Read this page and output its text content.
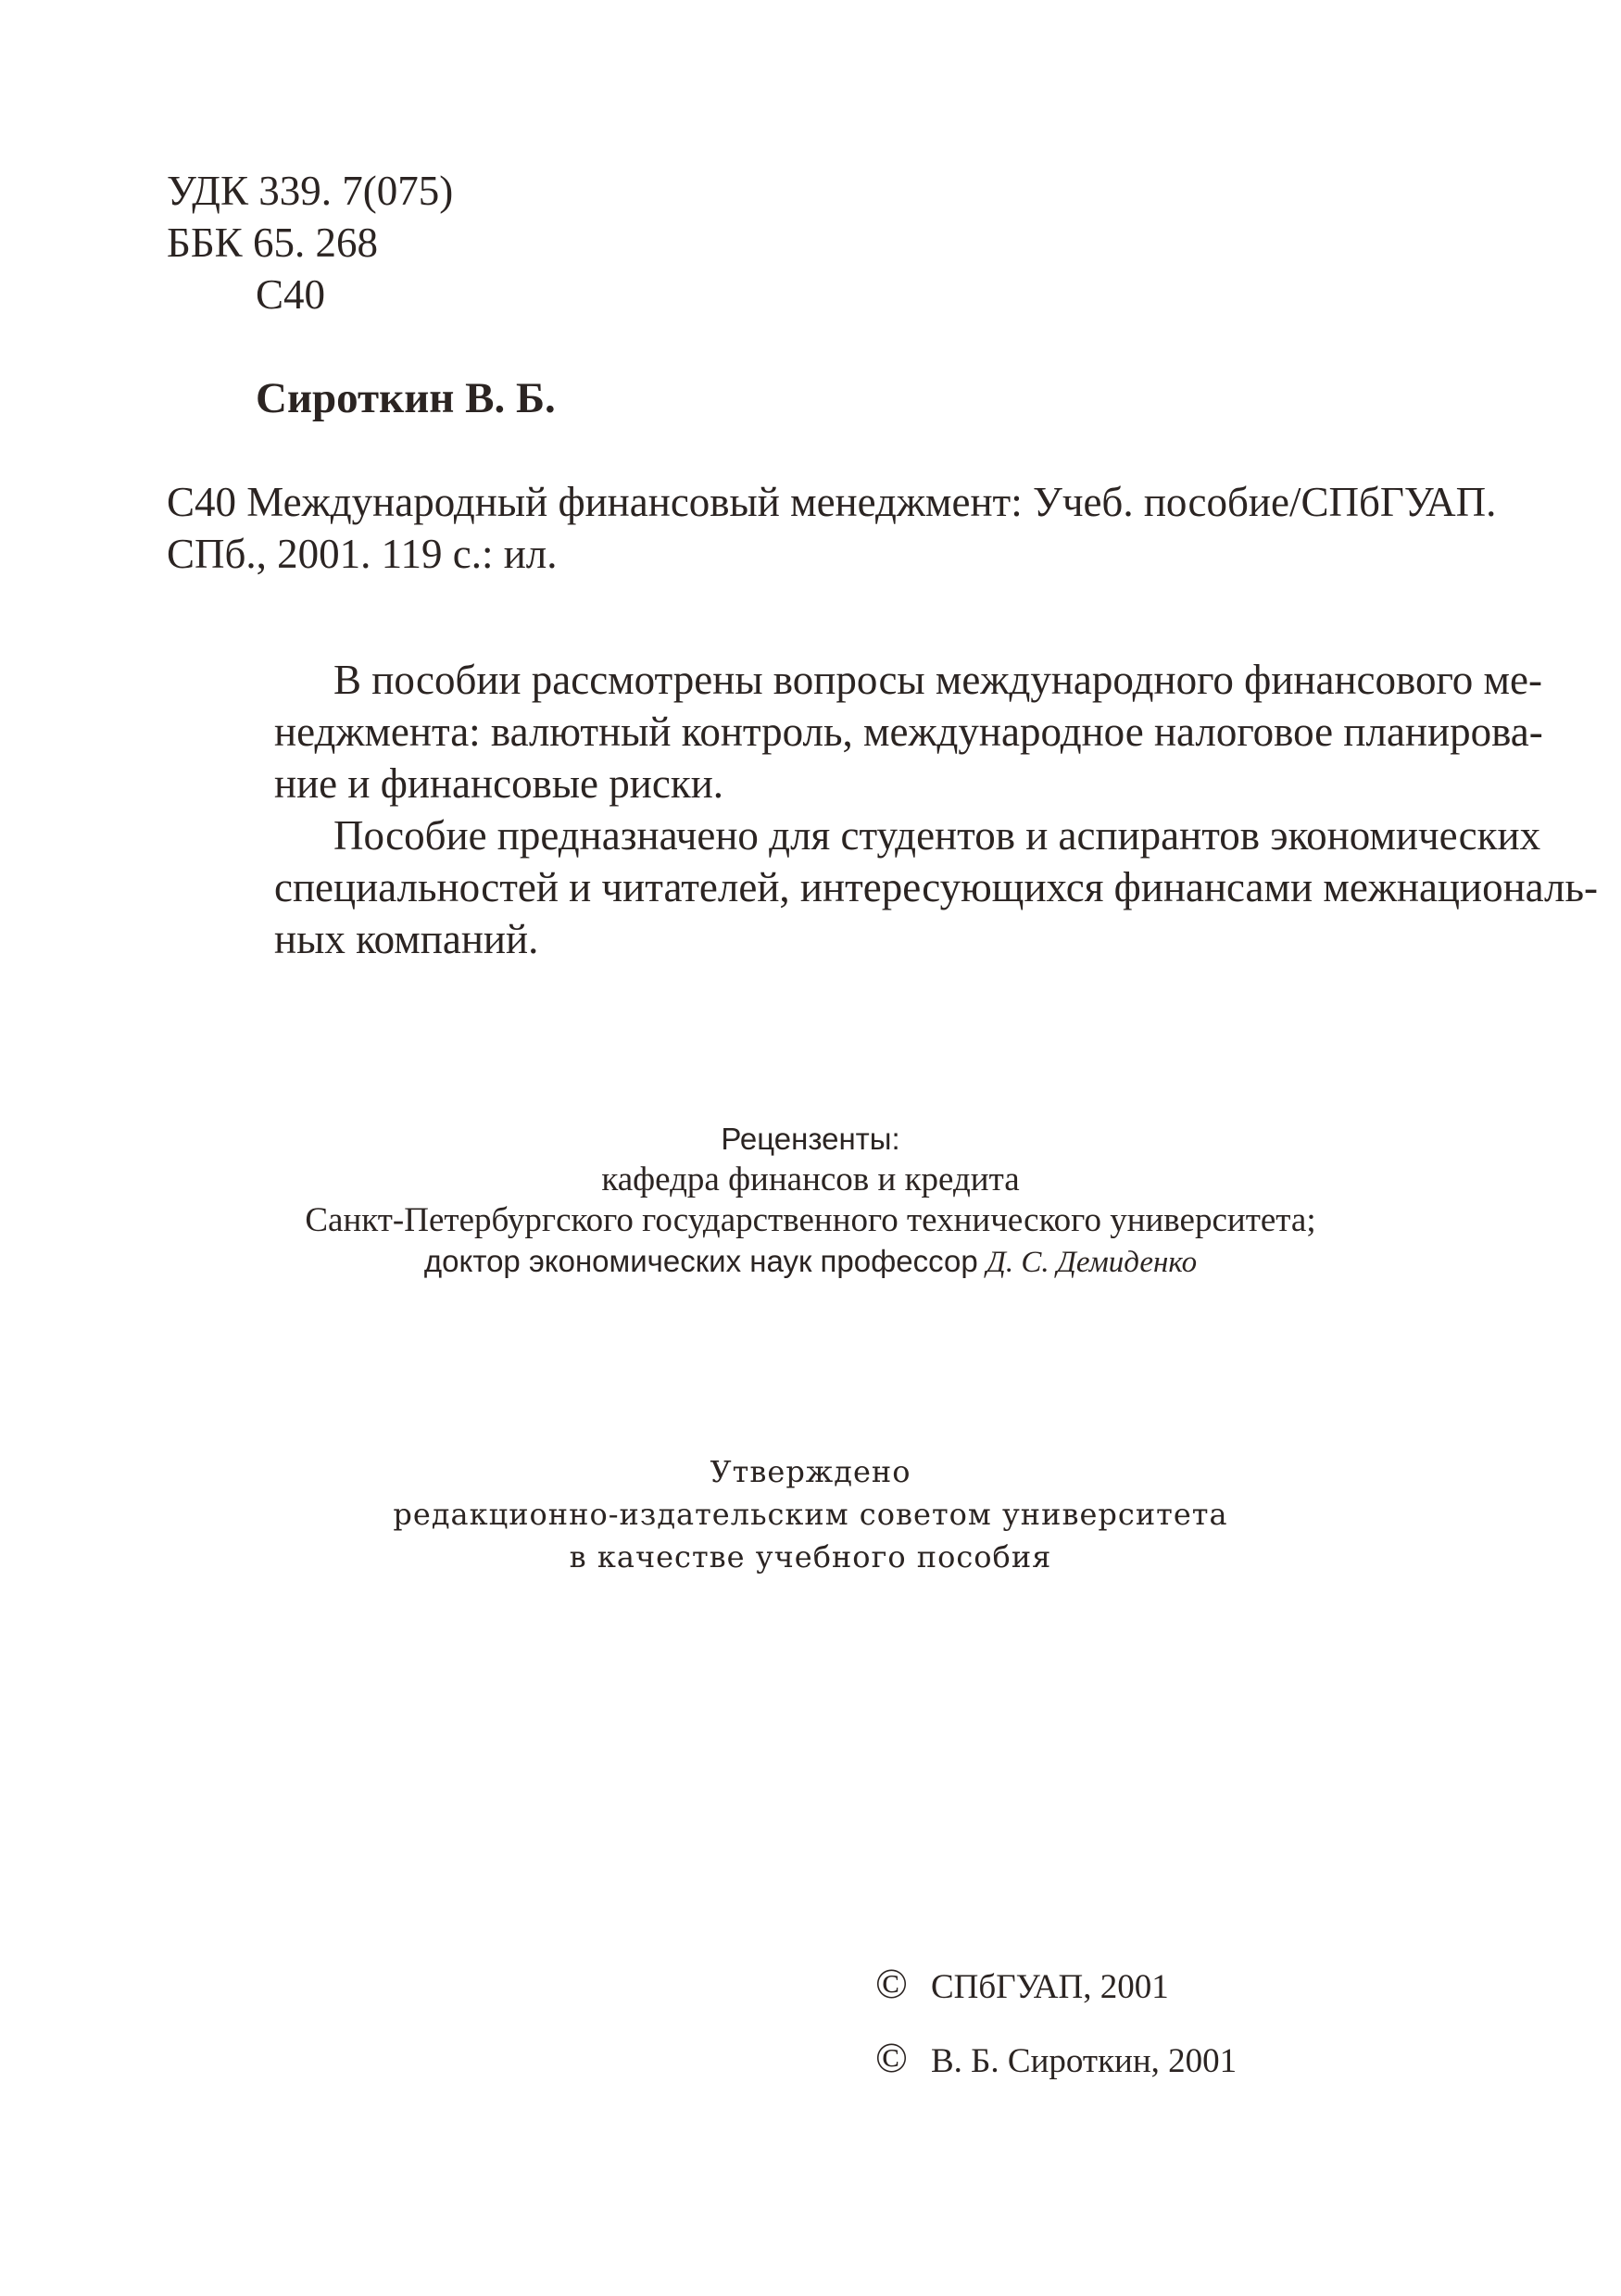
УДК 339. 7(075)
ББК 65. 268
С40
Сироткин В. Б.
С40 Международный финансовый менеджмент: Учеб. пособие/СПбГУАП.
СПб., 2001. 119 с.: ил.

В пособии рассмотрены вопросы международного финансового ме-

неджмента: валютный контроль, международное налоговое планирова-

ние и финансовые риски.

Пособие предназначено для студентов и аспирантов экономических

специальностей и читателей, интересующихся финансами межнациональ-

ных компаний.

Рецензенты:
кафедра финансов и кредита
Санкт-Петербургского государственного технического университета;
доктор экономических наук профессор Д. С. Демиденко
Утверждено
редакционно-издательским советом университета
в качестве учебного пособия
© СПбГУАП, 2001
© В. Б. Сироткин, 2001
